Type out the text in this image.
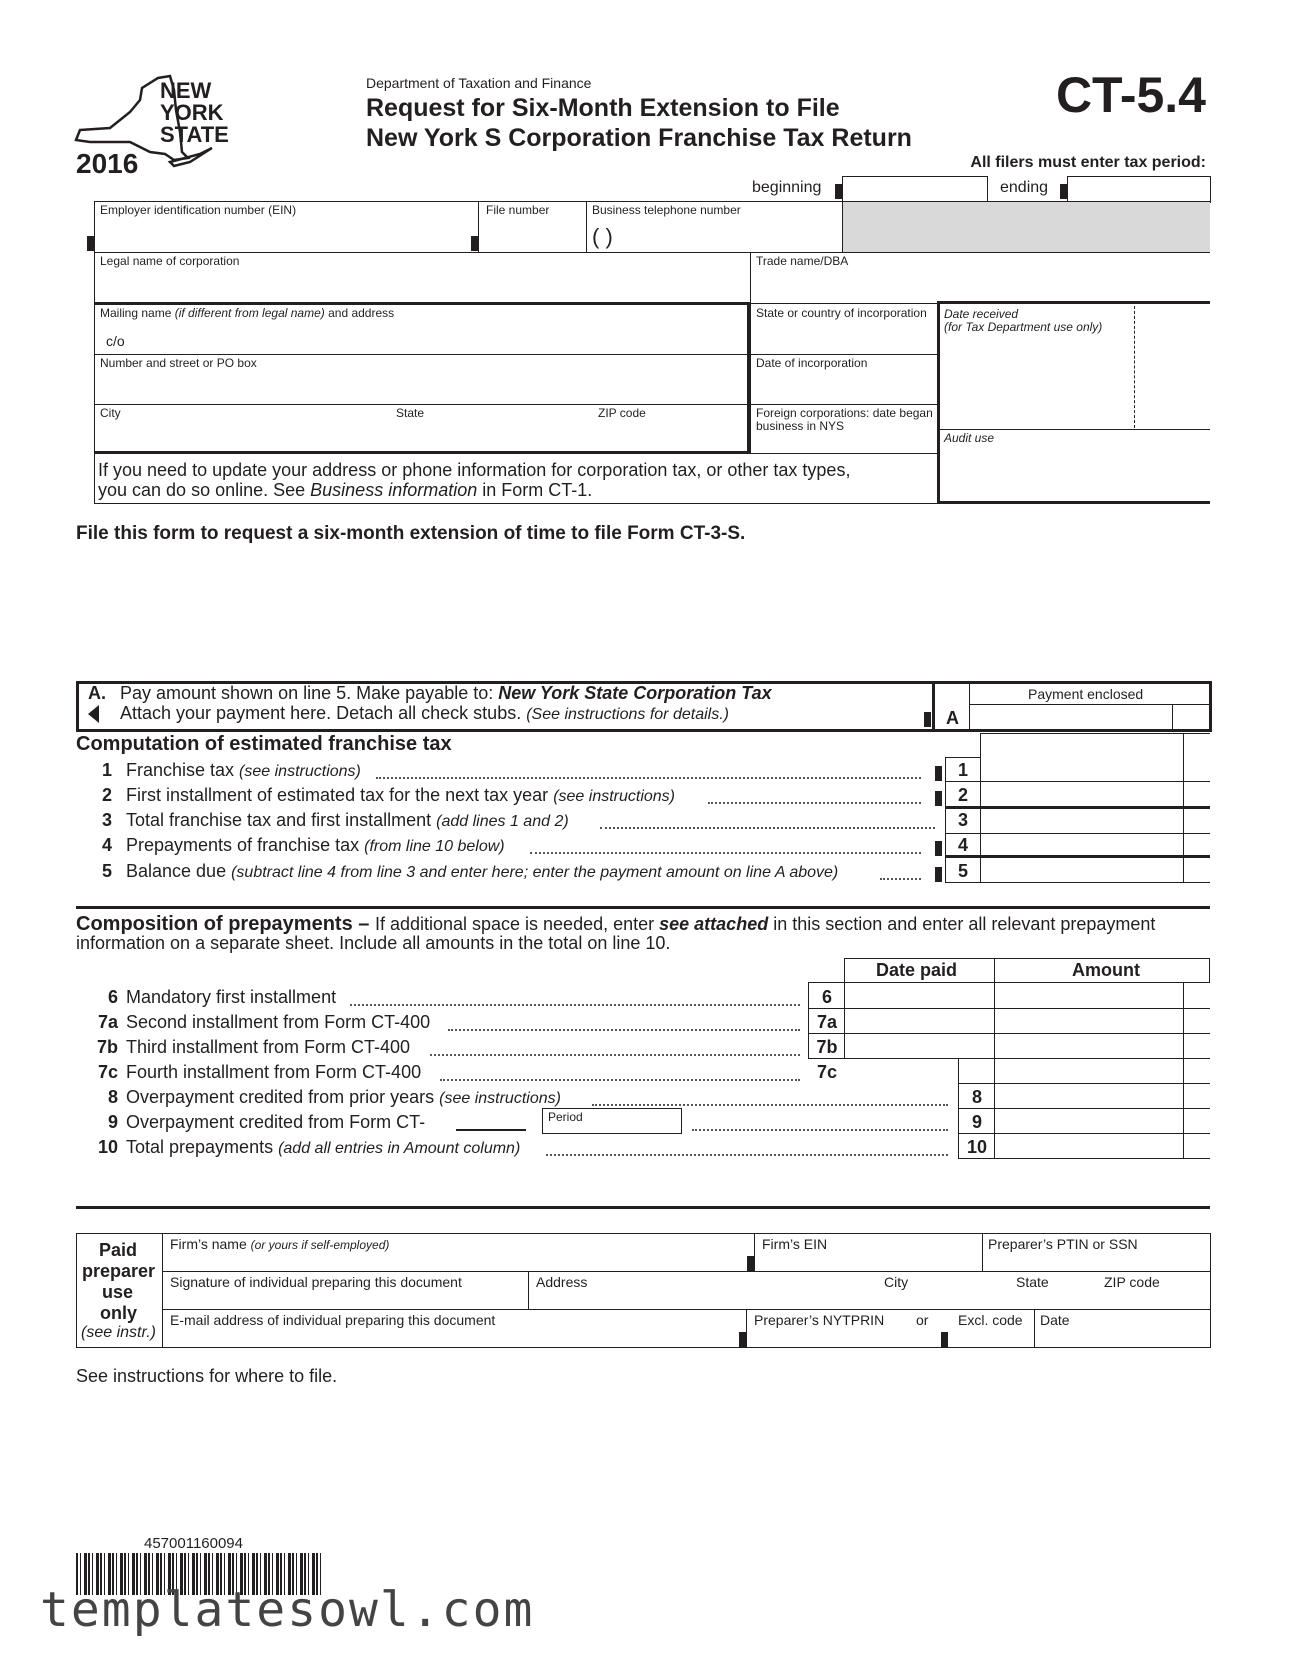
NEW
YORK
STATE
2016
Department of Taxation and Finance
Request for Six-Month Extension to File
New York S Corporation Franchise Tax Return
CT-5.4
All filers must enter tax period:
beginning	ending
Employer identification number (EIN)	File number	Business telephone number
( )
Legal name of corporation	Trade name/DBA
Mailing name (if different from legal name) and address
c/o
Number and street or PO box
City	State	ZIP code
State or country of incorporation
Date of incorporation
Foreign corporations: date began
business in NYS
Date received
(for Tax Department use only)
Audit use
If you need to update your address or phone information for corporation tax, or other tax types,
you can do so online. See Business information in Form CT-1.
File this form to request a six-month extension of time to file Form CT-3-S.
A. Pay amount shown on line 5. Make payable to: New York State Corporation Tax
Attach your payment here. Detach all check stubs. (See instructions for details.)	A
Payment enclosed
Computation of estimated franchise tax
1 Franchise tax (see instructions)	1
2 First installment of estimated tax for the next tax year (see instructions)	2
3 Total franchise tax and first installment (add lines 1 and 2)	3
4 Prepayments of franchise tax (from line 10 below)	4
5 Balance due (subtract line 4 from line 3 and enter here; enter the payment amount on line A above)	5
Composition of prepayments – If additional space is needed, enter see attached in this section and enter all relevant prepayment
information on a separate sheet. Include all amounts in the total on line 10.
Date paid	Amount
6 Mandatory first installment	6
7a Second installment from Form CT-400	7a
7b Third installment from Form CT-400	7b
7c Fourth installment from Form CT-400	7c
8 Overpayment credited from prior years (see instructions)	8
9 Overpayment credited from Form CT-	Period	9
10 Total prepayments (add all entries in Amount column)	10
Paid
preparer
use
only
(see instr.)
Firm’s name (or yours if self-employed)	Firm’s EIN	Preparer’s PTIN or SSN
Signature of individual preparing this document	Address	City	State	ZIP code
E-mail address of individual preparing this document	Preparer’s NYTPRIN or Excl. code Date
See instructions for where to file.
457001160094
templatesowl.com
